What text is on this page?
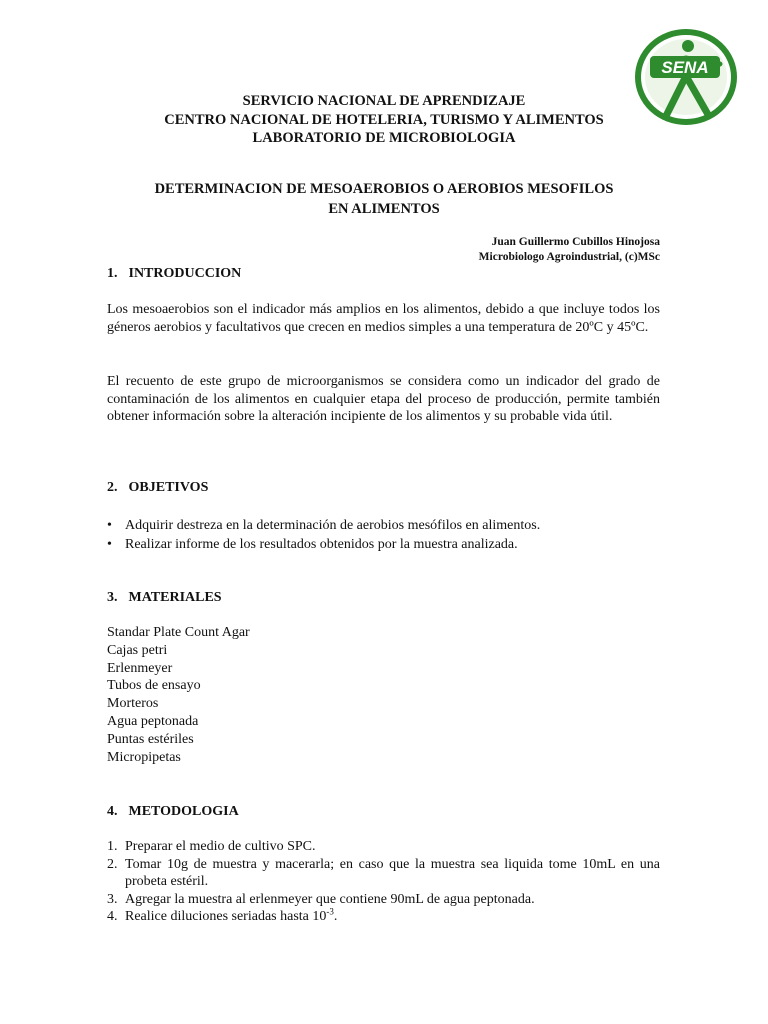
SENA
SERVICIO NACIONAL DE APRENDIZAJE
CENTRO NACIONAL DE HOTELERIA, TURISMO Y ALIMENTOS
LABORATORIO DE MICROBIOLOGIA
DETERMINACION DE MESOAEROBIOS O AEROBIOS MESOFILOS
EN ALIMENTOS
Juan Guillermo Cubillos Hinojosa
Microbiologo Agroindustrial, (c)MSc
1. INTRODUCCION

Los mesoaerobios son el indicador más amplios en los alimentos, debido a que incluye todos los géneros aerobios y facultativos que crecen en medios simples a una temperatura de 20ºC y 45ºC.

El recuento de este grupo de microorganismos se considera como un indicador del grado de contaminación de los alimentos en cualquier etapa del proceso de producción, permite también obtener información sobre la alteración incipiente de los alimentos y su probable vida útil.

2. OBJETIVOS
• Adquirir destreza en la determinación de aerobios mesófilos en alimentos.
• Realizar informe de los resultados obtenidos por la muestra analizada.
3. MATERIALES
Standar Plate Count Agar
Cajas petri
Erlenmeyer
Tubos de ensayo
Morteros
Agua peptonada
Puntas estériles
Micropipetas
4. METODOLOGIA
1. Preparar el medio de cultivo SPC.
2. Tomar 10g de muestra y macerarla; en caso que la muestra sea liquida tome 10mL en una probeta estéril.
3. Agregar la muestra al erlenmeyer que contiene 90mL de agua peptonada.
4. Realice diluciones seriadas hasta $10^{-3}$.
